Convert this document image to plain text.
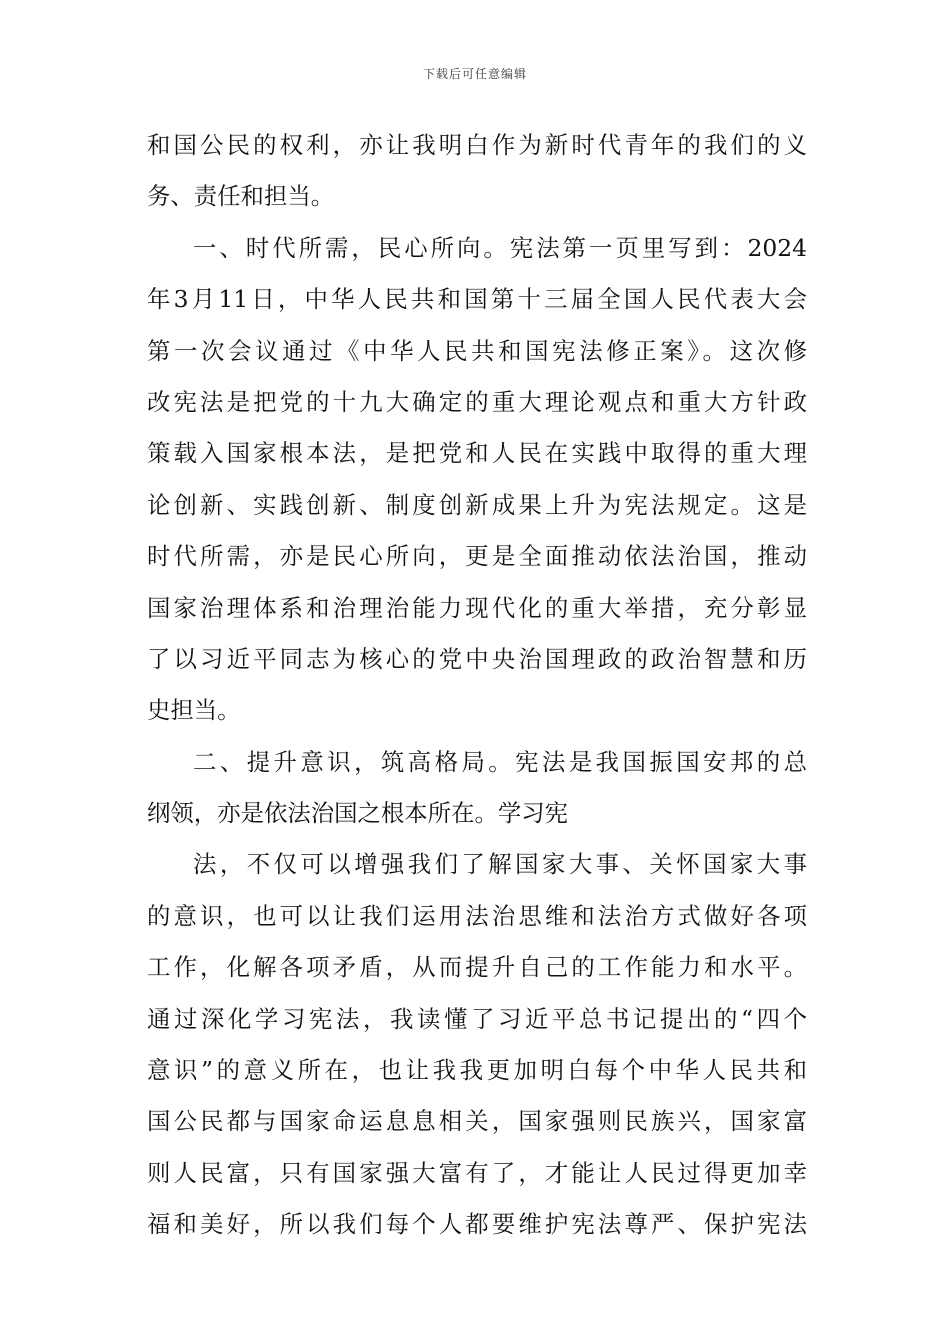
下载后可任意编辑
和国公民的权利，亦让我明白作为新时代青年的我们的义
务、责任和担当。
一、时代所需，民心所向。宪法第一页里写到：2024
年3月11日，中华人民共和国第十三届全国人民代表大会
第一次会议通过《中华人民共和国宪法修正案》。这次修
改宪法是把党的十九大确定的重大理论观点和重大方针政
策载入国家根本法，是把党和人民在实践中取得的重大理
论创新、实践创新、制度创新成果上升为宪法规定。这是
时代所需，亦是民心所向，更是全面推动依法治国，推动
国家治理体系和治理治能力现代化的重大举措，充分彰显
了以习近平同志为核心的党中央治国理政的政治智慧和历
史担当。
二、提升意识，筑高格局。宪法是我国振国安邦的总
纲领，亦是依法治国之根本所在。学习宪
法，不仅可以增强我们了解国家大事、关怀国家大事
的意识，也可以让我们运用法治思维和法治方式做好各项
工作，化解各项矛盾，从而提升自己的工作能力和水平。
通过深化学习宪法，我读懂了习近平总书记提出的“四个
意识”的意义所在，也让我我更加明白每个中华人民共和
国公民都与国家命运息息相关，国家强则民族兴，国家富
则人民富，只有国家强大富有了，才能让人民过得更加幸
福和美好，所以我们每个人都要维护宪法尊严、保护宪法
